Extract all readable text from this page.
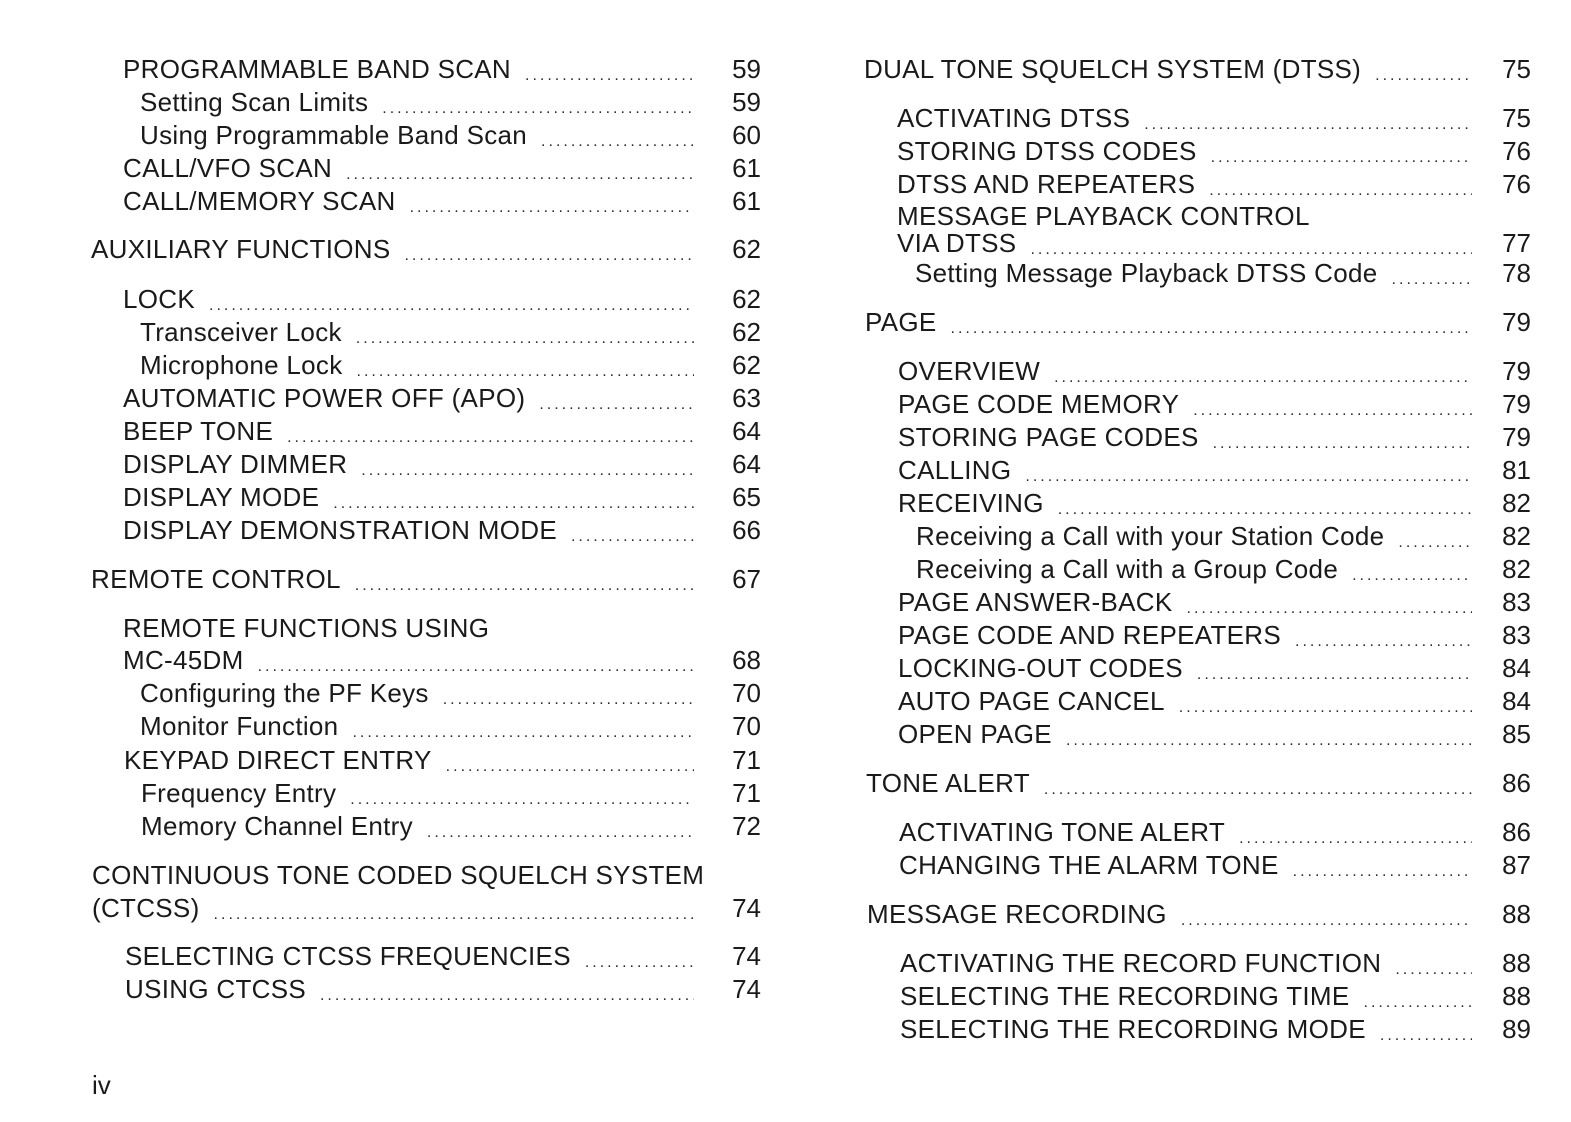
PROGRAMMABLE BAND SCAN .....	59
Setting Scan Limits .....	59
Using Programmable Band Scan .....	60
CALL/VFO SCAN .....	61
CALL/MEMORY SCAN .....	61
AUXILIARY FUNCTIONS .....	62
LOCK .....	62
Transceiver Lock .....	62
Microphone Lock .....	62
AUTOMATIC POWER OFF (APO) .....	63
BEEP TONE .....	64
DISPLAY DIMMER .....	64
DISPLAY MODE .....	65
DISPLAY DEMONSTRATION MODE .....	66
REMOTE CONTROL .....	67
REMOTE FUNCTIONS USING
MC-45DM .....	68
Configuring the PF Keys .....	70
Monitor Function .....	70
KEYPAD DIRECT ENTRY .....	71
Frequency Entry .....	71
Memory Channel Entry .....	72
CONTINUOUS TONE CODED SQUELCH SYSTEM
(CTCSS) .....	74
SELECTING CTCSS FREQUENCIES .....	74
USING CTCSS .....	74
DUAL TONE SQUELCH SYSTEM (DTSS) .....	75
ACTIVATING DTSS .....	75
STORING DTSS CODES .....	76
DTSS AND REPEATERS .....	76
MESSAGE PLAYBACK CONTROL
VIA DTSS .....	77
Setting Message Playback DTSS Code .....	78
PAGE .....	79
OVERVIEW .....	79
PAGE CODE MEMORY .....	79
STORING PAGE CODES .....	79
CALLING .....	81
RECEIVING .....	82
Receiving a Call with your Station Code .....	82
Receiving a Call with a Group Code .....	82
PAGE ANSWER-BACK .....	83
PAGE CODE AND REPEATERS .....	83
LOCKING-OUT CODES .....	84
AUTO PAGE CANCEL .....	84
OPEN PAGE .....	85
TONE ALERT .....	86
ACTIVATING TONE ALERT .....	86
CHANGING THE ALARM TONE .....	87
MESSAGE RECORDING .....	88
ACTIVATING THE RECORD FUNCTION .....	88
SELECTING THE RECORDING TIME .....	88
SELECTING THE RECORDING MODE .....	89
iv
